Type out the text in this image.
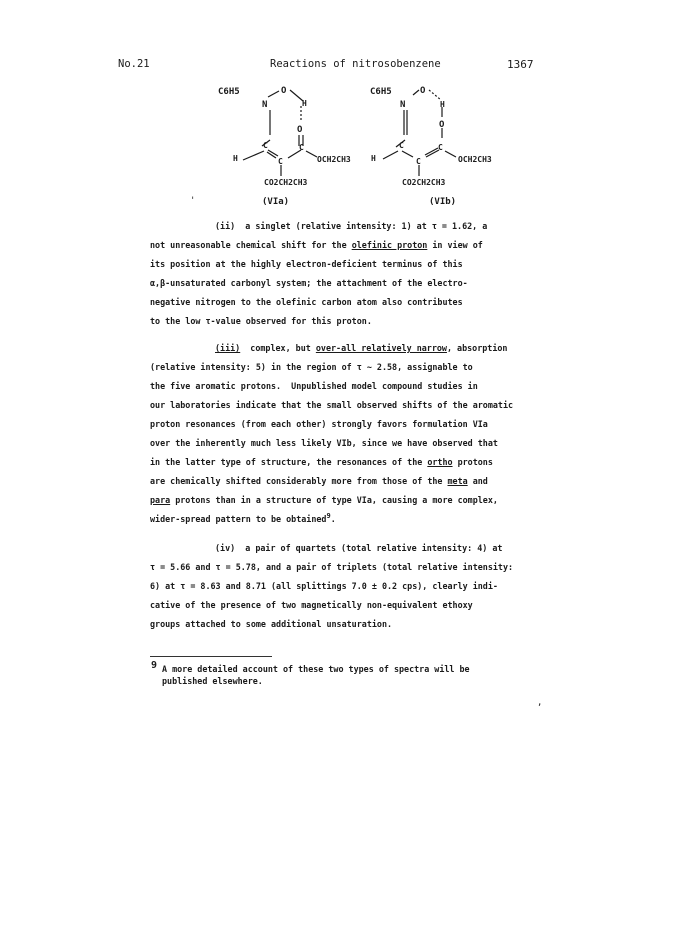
No.21	Reactions of nitrosobenzene	1367
C6H5
N
O
H
O
C
H	C
C
OCH2CH3
CO2CH2CH3
C6H5
N
O
H
O
C
H	C
C
OCH2CH3
CO2CH2CH3
(VIa)	(VIb)
'
(ii)  a singlet (relative intensity: 1) at τ = 1.62, a
not unreasonable chemical shift for the olefinic proton in view of
its position at the highly electron-deficient terminus of this
α,β-unsaturated carbonyl system; the attachment of the electro-
negative nitrogen to the olefinic carbon atom also contributes
to the low τ-value observed for this proton.
(iii)  complex, but over-all relatively narrow, absorption
(relative intensity: 5) in the region of τ ~ 2.58, assignable to
the five aromatic protons.  Unpublished model compound studies in
our laboratories indicate that the small observed shifts of the aromatic
proton resonances (from each other) strongly favors formulation VIa
over the inherently much less likely VIb, since we have observed that
in the latter type of structure, the resonances of the ortho protons
are chemically shifted considerably more from those of the meta and
para protons than in a structure of type VIa, causing a more complex,
wider-spread pattern to be obtained$^9$.
(iv)  a pair of quartets (total relative intensity: 4) at
τ = 5.66 and τ = 5.78, and a pair of triplets (total relative intensity:
6) at τ = 8.63 and 8.71 (all splittings 7.0 ± 0.2 cps), clearly indi-
cative of the presence of two magnetically non-equivalent ethoxy
groups attached to some additional unsaturation.
9 A more detailed account of these two types of spectra will be
published elsewhere.
,
